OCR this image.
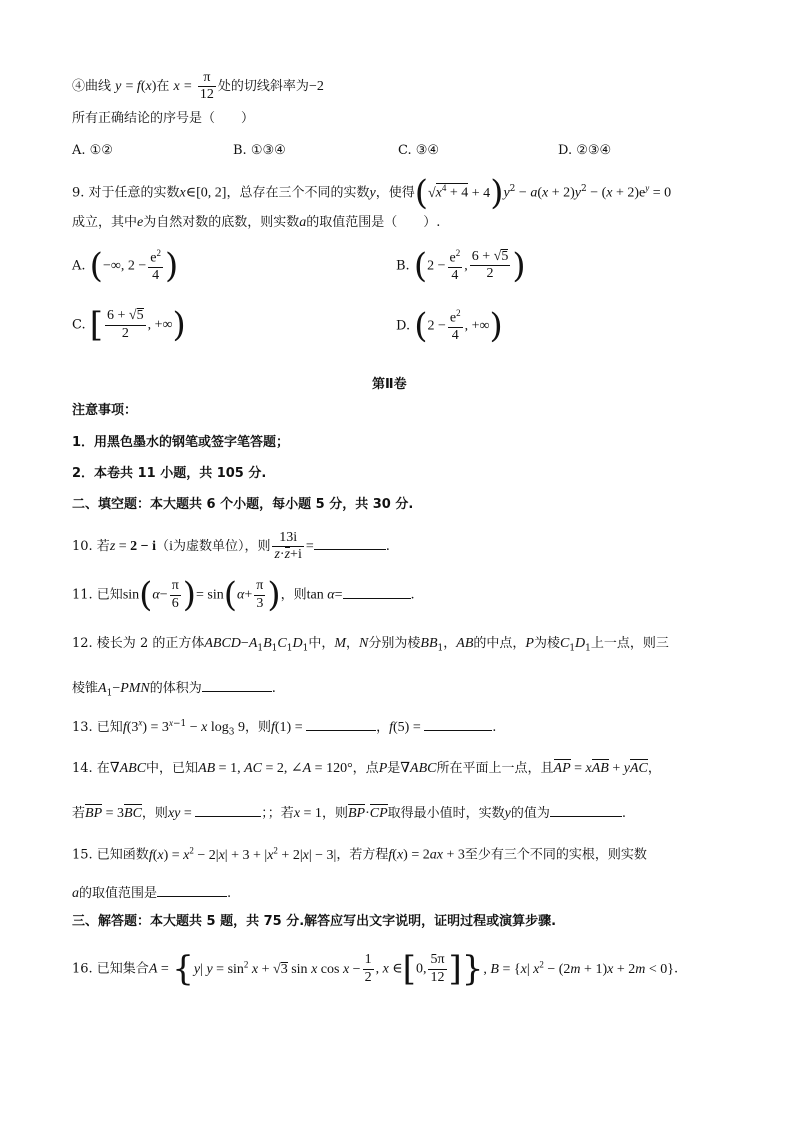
④曲线 y = f(x)在 $x = \frac{\pi}{12}$ 处的切线斜率为−2
所有正确结论的序号是（　　）
A. ①②	B. ①③④	C. ③④	D. ②③④
9. 对于任意的实数x∈[0, 2]，总存在三个不同的实数y，使得$(√x^4 + 4 + 4)y^2 - a(x + 2)y^2 - (x + 2)e^y = 0$
成立，其中e为自然对数的底数，则实数a的取值范围是（　　）.
A. (−∞, $2 - \frac{e^2}{4}$ )	B. ($2 - \frac{e^2}{4}$ , $\frac{6 + √5}{2}$ )
C. [ $\frac{6 + √5}{2}$ , +∞)	D. ($2 - \frac{e^2}{4}$ , +∞)
第Ⅱ卷
注意事项：
1．用黑色墨水的钢笔或签字笔答题；
2．本卷共 11 小题，共 105 分.
二、填空题：本大题共 6 个小题，每小题 5 分，共 30 分.
10. 若z = 2 − i（i为虚数单位），则 $\frac{13i}{z\cdot z+i}$ =	.
11. 已知$\sin(\alpha- \frac{\pi}{6}$ )= $\sin(\alpha+ \frac{\pi}{3}$ )，则tan α=	.
12. 棱长为 2 的正方体$ABCD-A_1B_1C_1D_1$中，M，N分别为棱$BB_1$，AB的中点，P为棱$C_1D_1$上一点，则三
棱锥$A_1-PMN$的体积为	.
13. 已知$f(3^x) = 3^{x-1} - x$ $\log_3 9$，则f(1) =	，f(5) =	.
14. 在∇ABC中，已知AB = 1, AC = 2, ∠A = 120°，点P是∇ABC所在平面上一点，且AP = xAB + yAC，
若BP = 3BC，则xy =	；；若x = 1，则BP·CP取得最小值时，实数y的值为	.
15. 已知函数$f(x) = x^2 - 2|x| + 3 + |x^2 + 2|x| - 3|$，若方程f(x) = 2ax + 3至少有三个不同的实根，则实数
a的取值范围是	.
三、解答题：本大题共 5 题，共 75 分.解答应写出文字说明，证明过程或演算步骤.
16. 已知集合A = {y| $y = \sin^2 x + √3$ sin x $\cos x - \frac{1}{2}$ , x ∈[0, $\frac{5\pi}{12}$ ]}, B = {x| $x^2 - (2m + 1)x + 2m < 0$}.
